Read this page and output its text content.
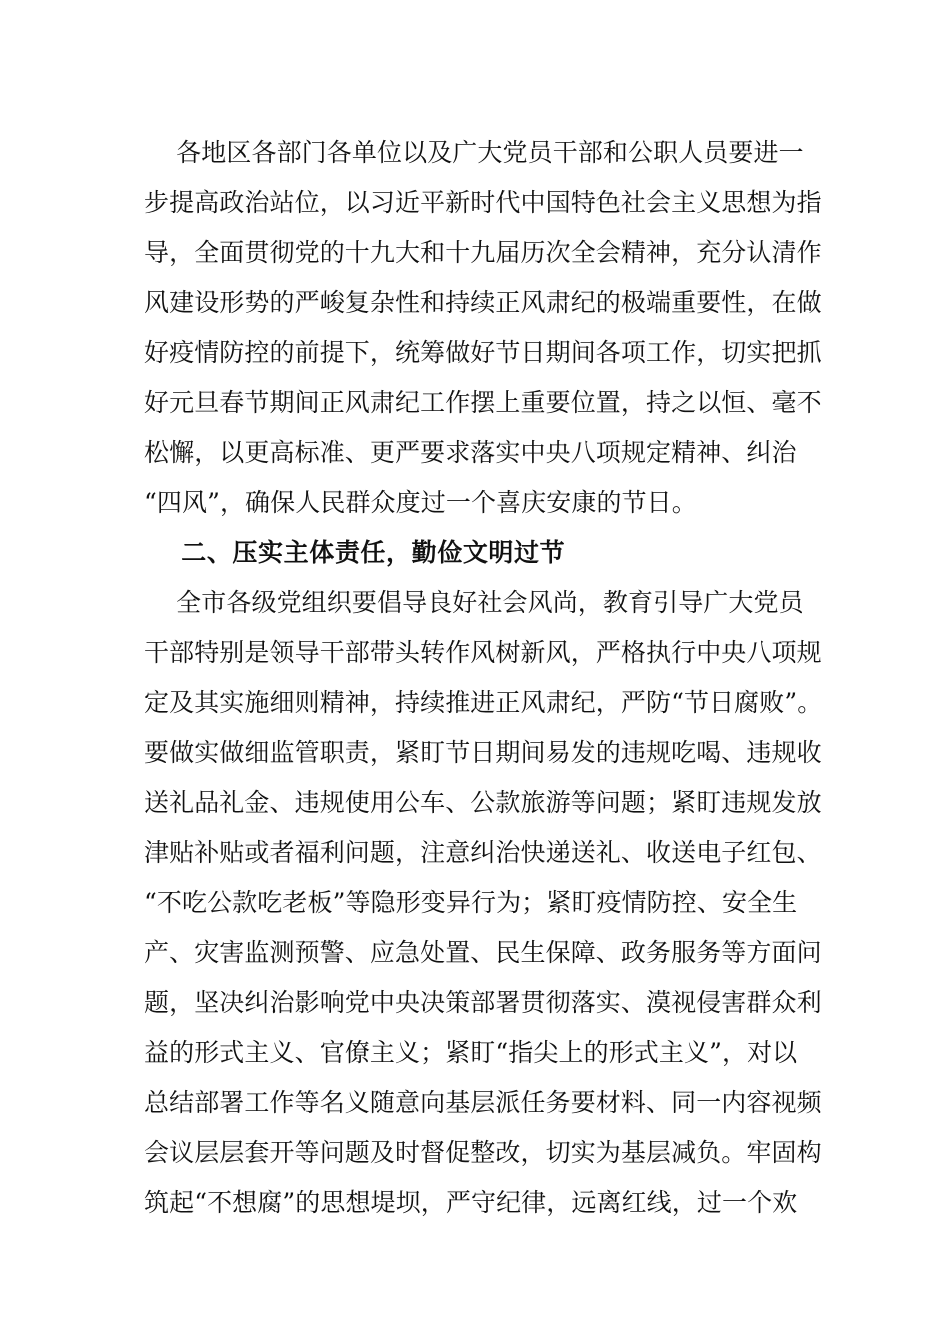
各地区各部门各单位以及广大党员干部和公职人员要进一
步提高政治站位，以习近平新时代中国特色社会主义思想为指
导，全面贯彻党的十九大和十九届历次全会精神，充分认清作
风建设形势的严峻复杂性和持续正风肃纪的极端重要性，在做
好疫情防控的前提下，统筹做好节日期间各项工作，切实把抓
好元旦春节期间正风肃纪工作摆上重要位置，持之以恒、毫不
松懈，以更高标准、更严要求落实中央八项规定精神、纠治
“四风”，确保人民群众度过一个喜庆安康的节日。
二、压实主体责任，勤俭文明过节
全市各级党组织要倡导良好社会风尚，教育引导广大党员
干部特别是领导干部带头转作风树新风，严格执行中央八项规
定及其实施细则精神，持续推进正风肃纪，严防“节日腐败”。
要做实做细监管职责，紧盯节日期间易发的违规吃喝、违规收
送礼品礼金、违规使用公车、公款旅游等问题；紧盯违规发放
津贴补贴或者福利问题，注意纠治快递送礼、收送电子红包、
“不吃公款吃老板”等隐形变异行为；紧盯疫情防控、安全生
产、灾害监测预警、应急处置、民生保障、政务服务等方面问
题，坚决纠治影响党中央决策部署贯彻落实、漠视侵害群众利
益的形式主义、官僚主义；紧盯“指尖上的形式主义”，对以
总结部署工作等名义随意向基层派任务要材料、同一内容视频
会议层层套开等问题及时督促整改，切实为基层减负。牢固构
筑起“不想腐”的思想堤坝，严守纪律，远离红线，过一个欢
